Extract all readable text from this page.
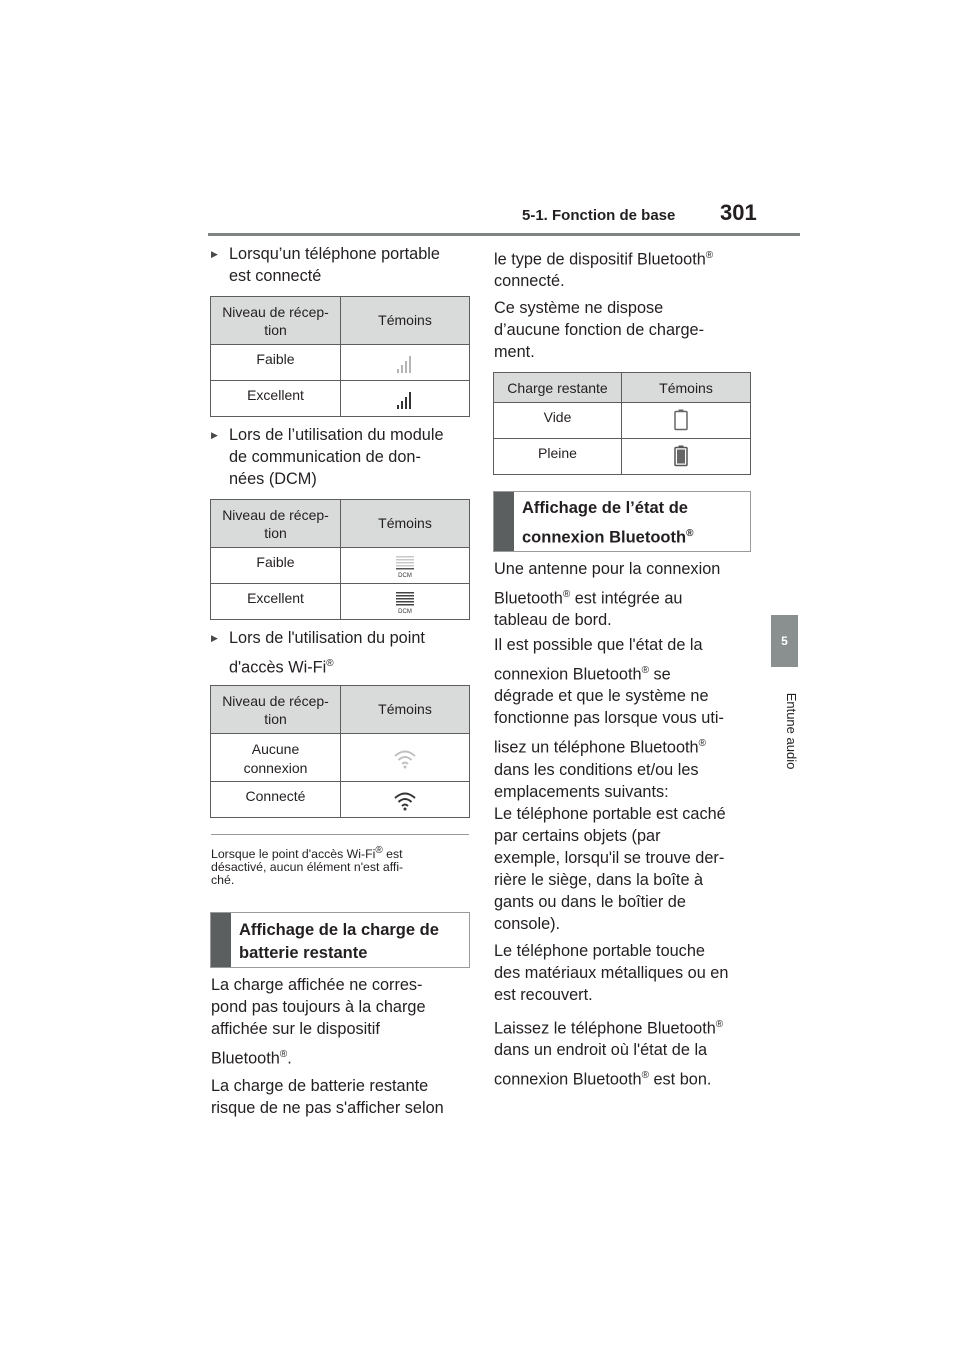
5-1. Fonction de base 301
5
Entune audio
▶ Lorsqu’un téléphone portable
est connecté
Niveau de récep-
tion	Témoins
Faible	
Excellent	
▶ Lors de l’utilisation du module
de communication de don-
nées (DCM)
Niveau de récep-
tion	Témoins
Faible	DCM

Excellent	DCM
▶ Lors de l'utilisation du point
d'accès Wi-Fi®
Niveau de récep-
tion	Témoins

Aucune
connexion

Connecté	
Lorsque le point d'accès Wi-Fi® est
désactivé, aucun élément n'est affi-
ché.
Affichage de la charge de
batterie restante
La charge affichée ne corres-
pond pas toujours à la charge
affichée sur le dispositif
Bluetooth®.
La charge de batterie restante
risque de ne pas s'afficher selon
le type de dispositif Bluetooth®
connecté.
Ce système ne dispose
d’aucune fonction de charge-
ment.
Charge restante	Témoins
Vide	
Pleine	
Affichage de l’état de
connexion Bluetooth®
Une antenne pour la connexion
Bluetooth® est intégrée au
tableau de bord.
Il est possible que l'état de la
connexion Bluetooth® se
dégrade et que le système ne
fonctionne pas lorsque vous uti-
lisez un téléphone Bluetooth®
dans les conditions et/ou les
emplacements suivants:
Le téléphone portable est caché
par certains objets (par
exemple, lorsqu'il se trouve der-
rière le siège, dans la boîte à
gants ou dans le boîtier de
console).
Le téléphone portable touche
des matériaux métalliques ou en
est recouvert.
Laissez le téléphone Bluetooth®
dans un endroit où l'état de la
connexion Bluetooth® est bon.
